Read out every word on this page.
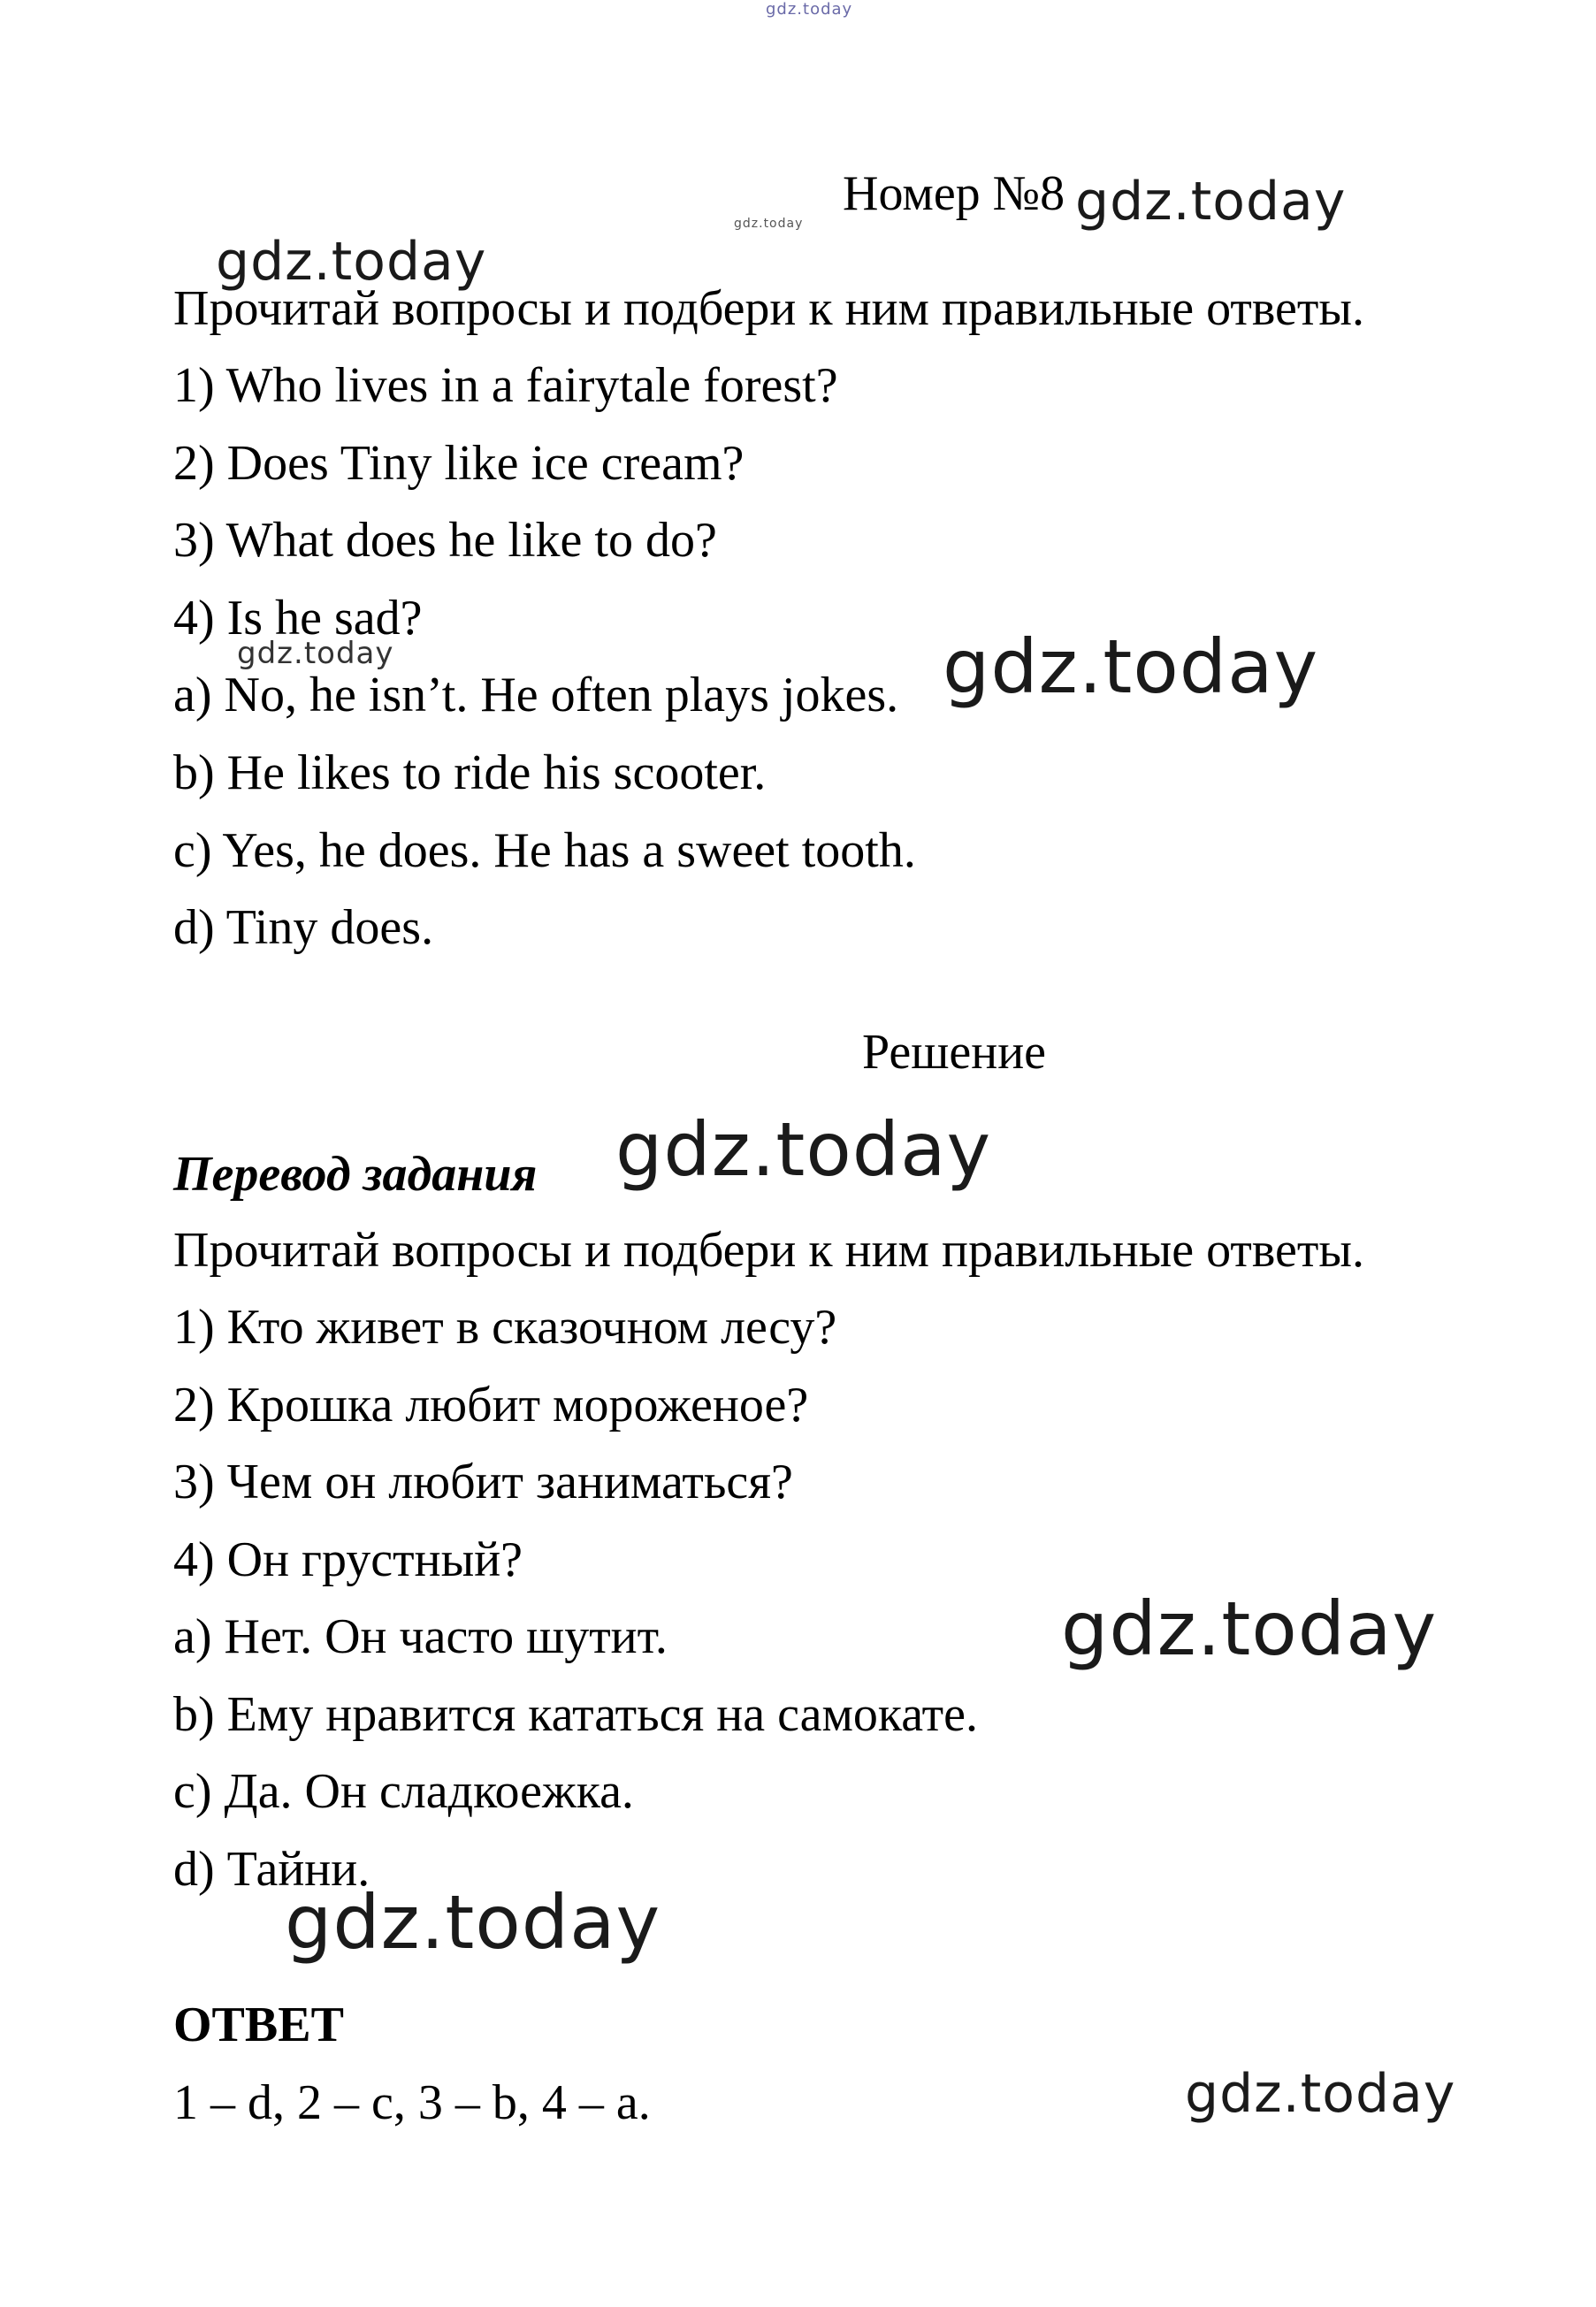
gdz.today
gdz.today	gdz.today
gdz.today
gdz.today	gdz.today
gdz.today
gdz.today
gdz.today
gdz.today
Номер №8
Прочитай вопросы и подбери к ним правильные ответы.
1) Who lives in a fairytale forest?
2) Does Tiny like ice cream?
3) What does he like to do?
4) Is he sad?
a) No, he isn’t. He often plays jokes.
b) He likes to ride his scooter.
c) Yes, he does. He has a sweet tooth.
d) Tiny does.
Решение
Перевод задания
Прочитай вопросы и подбери к ним правильные ответы.
1) Кто живет в сказочном лесу?
2) Крошка любит мороженое?
3) Чем он любит заниматься?
4) Он грустный?
a) Нет. Он часто шутит.
b) Ему нравится кататься на самокате.
c) Да. Он сладкоежка.
d) Тайни.
ОТВЕТ
1 – d, 2 – c, 3 – b, 4 – a.
